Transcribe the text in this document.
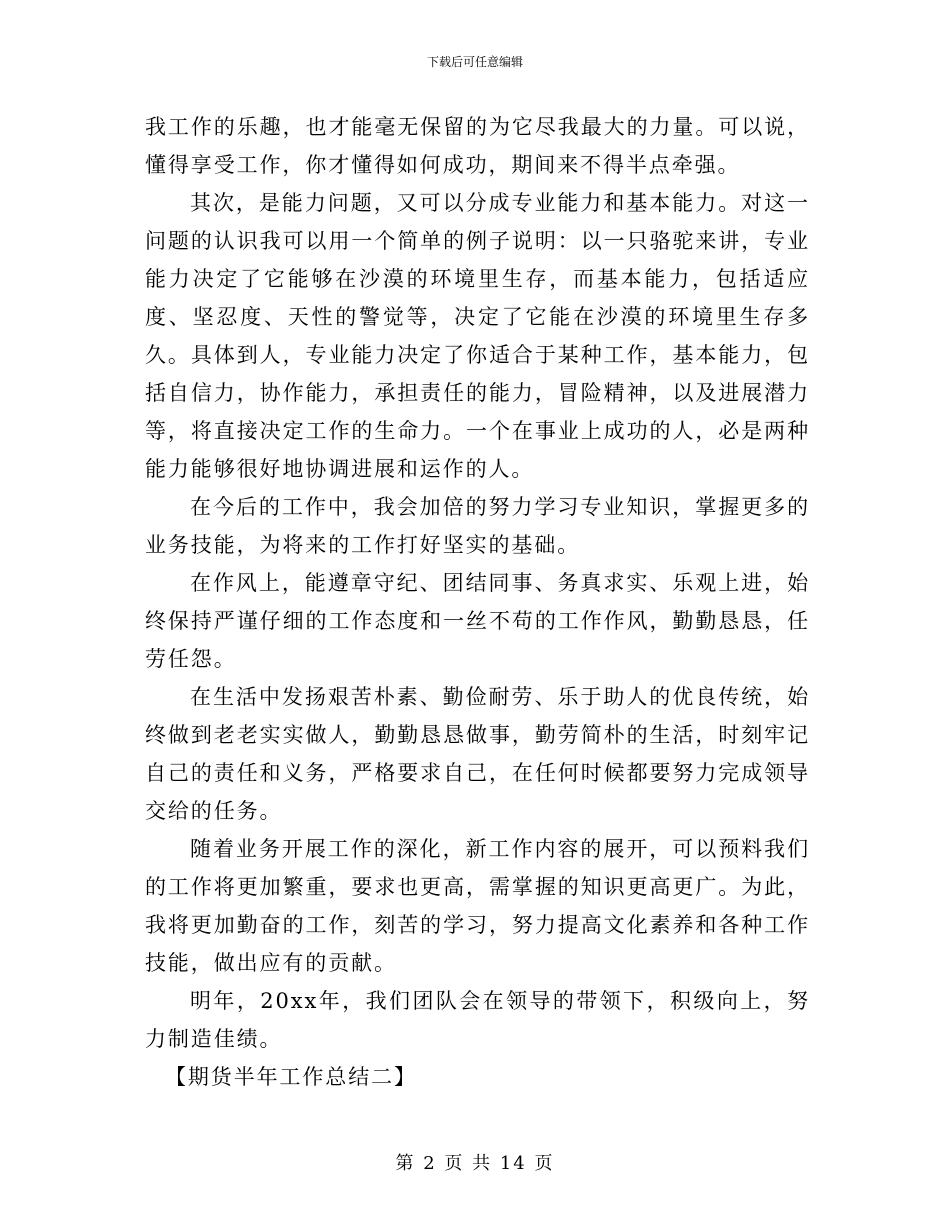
下载后可任意编辑

我工作的乐趣，也才能毫无保留的为它尽我最大的力量。可以说，懂得享受工作，你才懂得如何成功，期间来不得半点牵强。

其次，是能力问题，又可以分成专业能力和基本能力。对这一问题的认识我可以用一个简单的例子说明：以一只骆驼来讲，专业能力决定了它能够在沙漠的环境里生存，而基本能力，包括适应度、坚忍度、天性的警觉等，决定了它能在沙漠的环境里生存多久。具体到人，专业能力决定了你适合于某种工作，基本能力，包括自信力，协作能力，承担责任的能力，冒险精神，以及进展潜力等，将直接决定工作的生命力。一个在事业上成功的人，必是两种能力能够很好地协调进展和运作的人。

在今后的工作中，我会加倍的努力学习专业知识，掌握更多的业务技能，为将来的工作打好坚实的基础。

在作风上，能遵章守纪、团结同事、务真求实、乐观上进，始终保持严谨仔细的工作态度和一丝不苟的工作作风，勤勤恳恳，任劳任怨。

在生活中发扬艰苦朴素、勤俭耐劳、乐于助人的优良传统，始终做到老老实实做人，勤勤恳恳做事，勤劳简朴的生活，时刻牢记自己的责任和义务，严格要求自己，在任何时候都要努力完成领导交给的任务。

随着业务开展工作的深化，新工作内容的展开，可以预料我们的工作将更加繁重，要求也更高，需掌握的知识更高更广。为此，我将更加勤奋的工作，刻苦的学习，努力提高文化素养和各种工作技能，做出应有的贡献。

明年，20xx年，我们团队会在领导的带领下，积级向上，努力制造佳绩。

【期货半年工作总结二】

第 2 页 共 14 页
